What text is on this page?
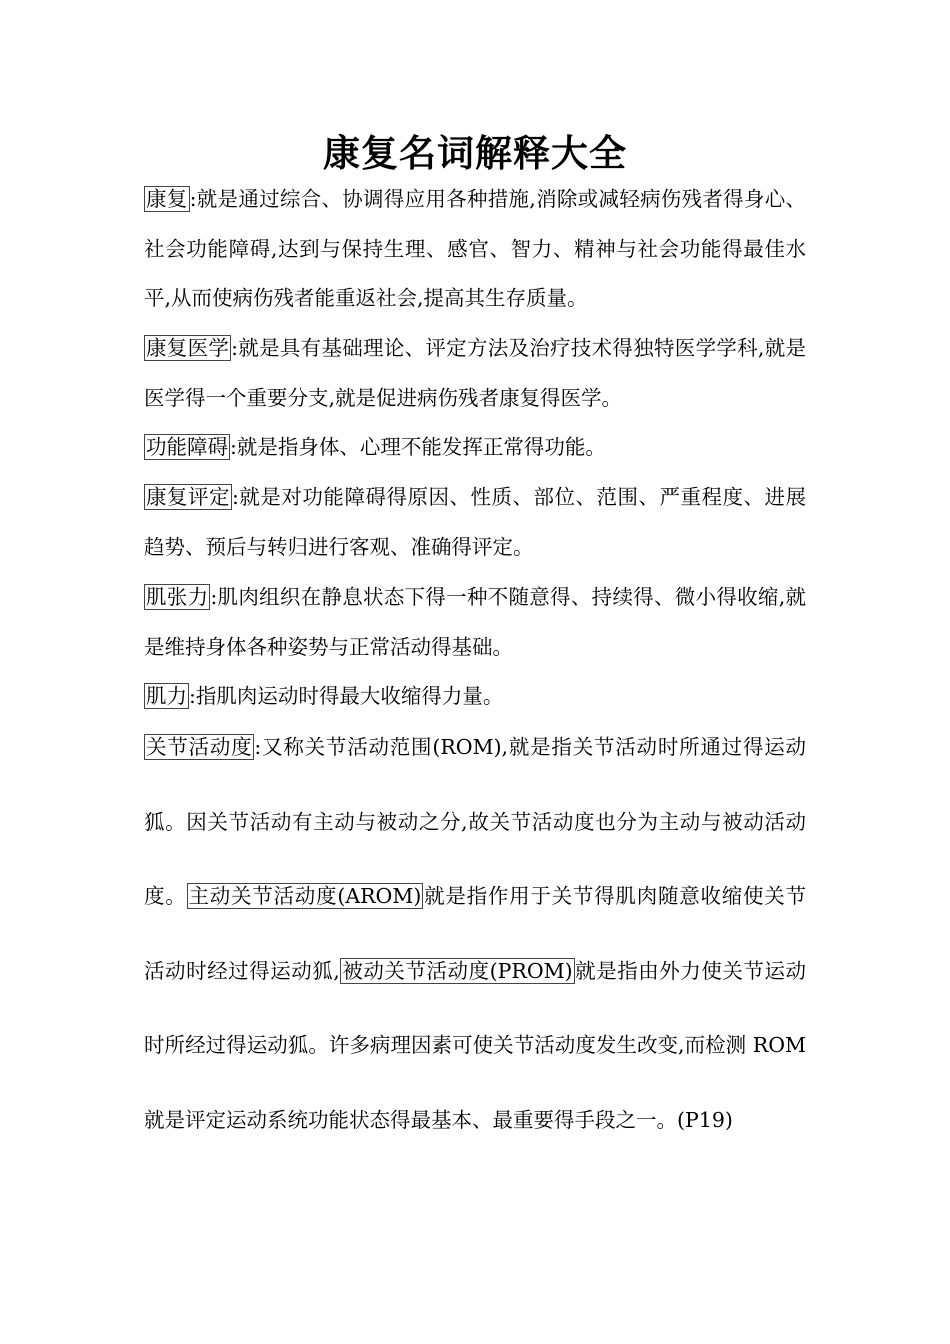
康复名词解释大全

康复:就是通过综合、协调得应用各种措施,消除或减轻病伤残者得身心、社会功能障碍,达到与保持生理、感官、智力、精神与社会功能得最佳水平,从而使病伤残者能重返社会,提高其生存质量。

康复医学:就是具有基础理论、评定方法及治疗技术得独特医学学科,就是医学得一个重要分支,就是促进病伤残者康复得医学。

功能障碍:就是指身体、心理不能发挥正常得功能。

康复评定:就是对功能障碍得原因、性质、部位、范围、严重程度、进展趋势、预后与转归进行客观、准确得评定。

肌张力:肌肉组织在静息状态下得一种不随意得、持续得、微小得收缩,就是维持身体各种姿势与正常活动得基础。

肌力:指肌肉运动时得最大收缩得力量。

关节活动度:又称关节活动范围(ROM),就是指关节活动时所通过得运动狐。因关节活动有主动与被动之分,故关节活动度也分为主动与被动活动度。主动关节活动度(AROM)就是指作用于关节得肌肉随意收缩使关节活动时经过得运动狐,被动关节活动度(PROM)就是指由外力使关节运动时所经过得运动狐。许多病理因素可使关节活动度发生改变,而检测 ROM 就是评定运动系统功能状态得最基本、最重要得手段之一。(P19)
